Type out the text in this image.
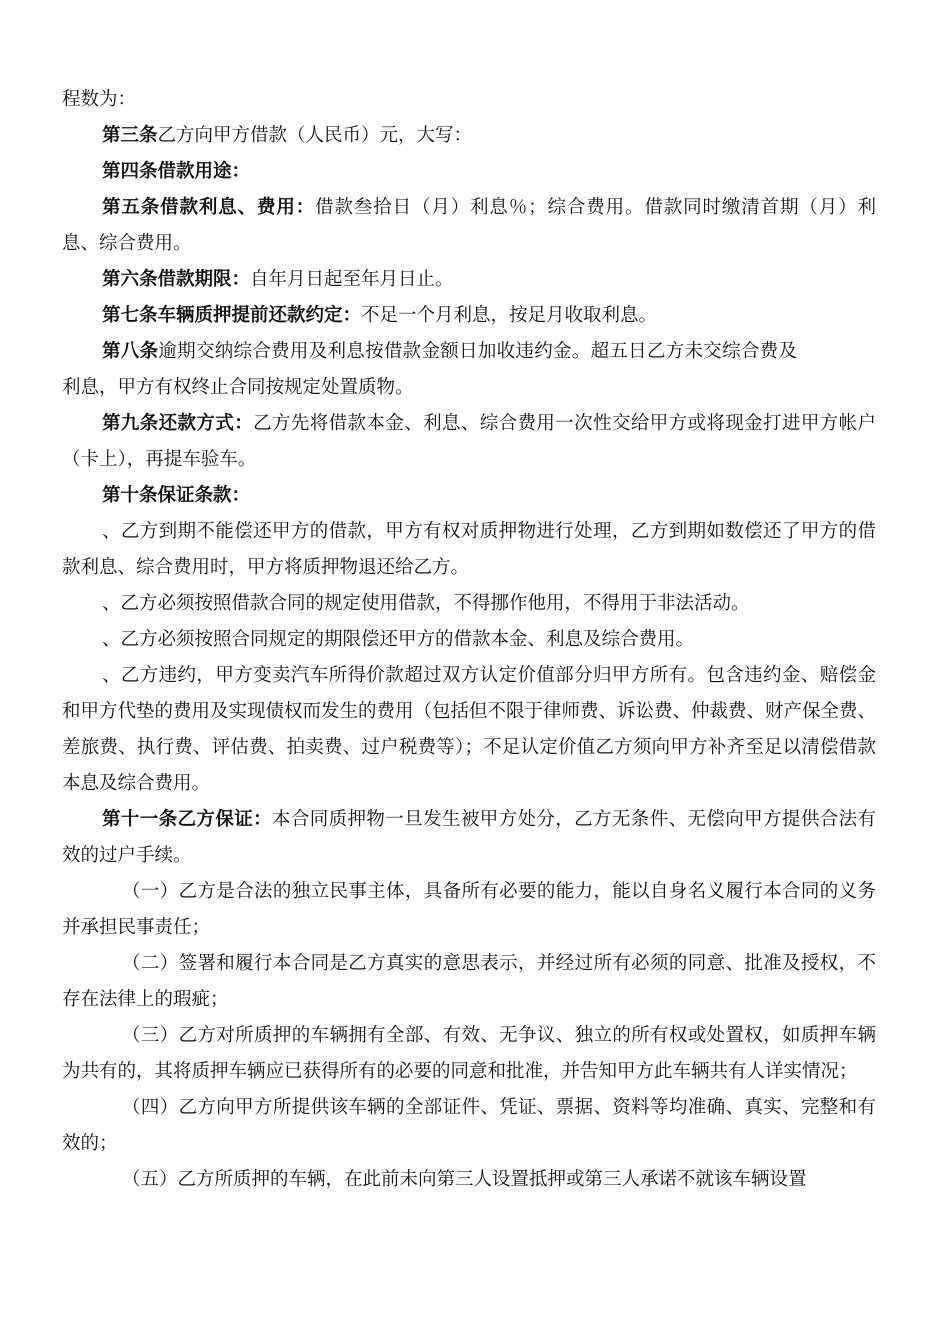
程数为：

第三条乙方向甲方借款（人民币）元，大写：

第四条借款用途：

第五条借款利息、费用：借款叁拾日（月）利息％；综合费用。借款同时缴清首期（月）利息、综合费用。

第六条借款期限：自年月日起至年月日止。

第七条车辆质押提前还款约定：不足一个月利息，按足月收取利息。

第八条逾期交纳综合费用及利息按借款金额日加收违约金。超五日乙方未交综合费及利息，甲方有权终止合同按规定处置质物。

第九条还款方式：乙方先将借款本金、利息、综合费用一次性交给甲方或将现金打进甲方帐户（卡上），再提车验车。

第十条保证条款：

、乙方到期不能偿还甲方的借款，甲方有权对质押物进行处理，乙方到期如数偿还了甲方的借款利息、综合费用时，甲方将质押物退还给乙方。

、乙方必须按照借款合同的规定使用借款，不得挪作他用，不得用于非法活动。

、乙方必须按照合同规定的期限偿还甲方的借款本金、利息及综合费用。

、乙方违约，甲方变卖汽车所得价款超过双方认定价值部分归甲方所有。包含违约金、赔偿金和甲方代垫的费用及实现债权而发生的费用（包括但不限于律师费、诉讼费、仲裁费、财产保全费、差旅费、执行费、评估费、拍卖费、过户税费等）；不足认定价值乙方须向甲方补齐至足以清偿借款本息及综合费用。

第十一条乙方保证：本合同质押物一旦发生被甲方处分，乙方无条件、无偿向甲方提供合法有效的过户手续。

（一）乙方是合法的独立民事主体，具备所有必要的能力，能以自身名义履行本合同的义务并承担民事责任；

（二）签署和履行本合同是乙方真实的意思表示，并经过所有必须的同意、批准及授权，不存在法律上的瑕疵；

（三）乙方对所质押的车辆拥有全部、有效、无争议、独立的所有权或处置权，如质押车辆为共有的，其将质押车辆应已获得所有的必要的同意和批准，并告知甲方此车辆共有人详实情况；

（四）乙方向甲方所提供该车辆的全部证件、凭证、票据、资料等均准确、真实、完整和有效的；

（五）乙方所质押的车辆，在此前未向第三人设置抵押或第三人承诺不就该车辆设置
